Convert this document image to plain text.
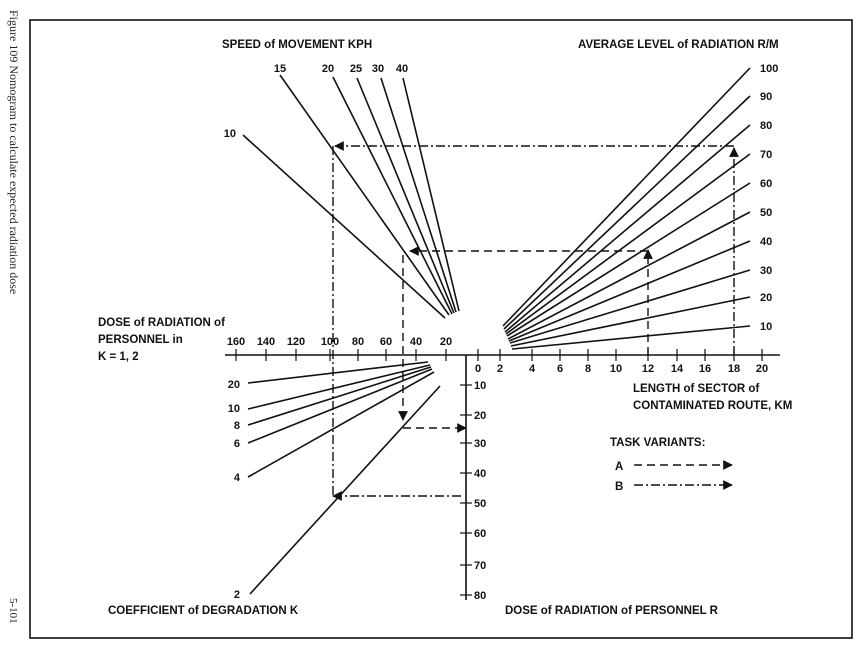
Figure 109 Nomogram to calculate expected radiation dose
5-101
160 140 120 100 80 60 40 20
0 2 4 6 8 10 12 14 16 18 20
10
20
30
40
50
60
70
80
10
15	20 25 30 40	100
90
80
70
60
50
40
30
20
10
20
10
8
6
4
2
SPEED of MOVEMENT KPH	AVERAGE LEVEL of RADIATION R/M
DOSE of RADIATION of
PERSONNEL in
K = 1, 2
LENGTH of SECTOR of
CONTAMINATED ROUTE, KM
COEFFICIENT of DEGRADATION K	DOSE of RADIATION of PERSONNEL R
TASK VARIANTS:
A
B
